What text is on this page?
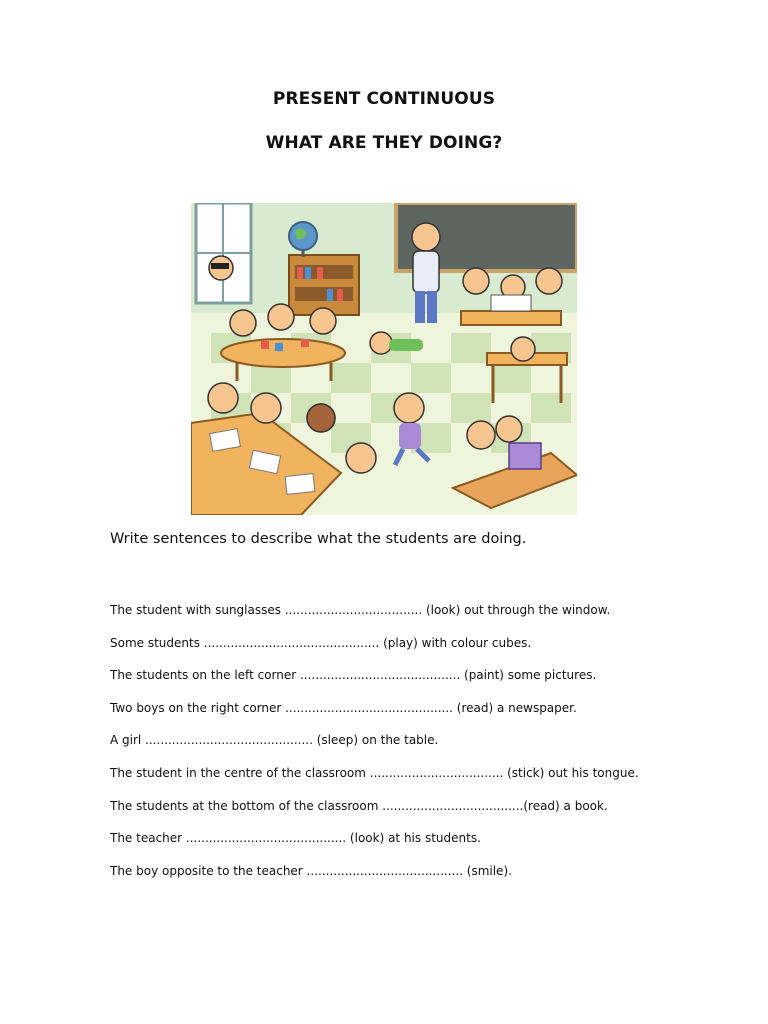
PRESENT CONTINUOUS
WHAT ARE THEY DOING?
Write sentences to describe what the students are doing.
The student with sunglasses .................................... (look) out through the window.
Some students .............................................. (play) with colour cubes.
The students on the left corner .......................................... (paint) some pictures.
Two boys on the right corner ............................................ (read) a newspaper.
A girl ............................................ (sleep) on the table.
The student in the centre of the classroom ................................... (stick) out his tongue.
The students at the bottom of the classroom .....................................(read) a book.
The teacher .......................................... (look) at his students.
The boy opposite to the teacher ......................................... (smile).
